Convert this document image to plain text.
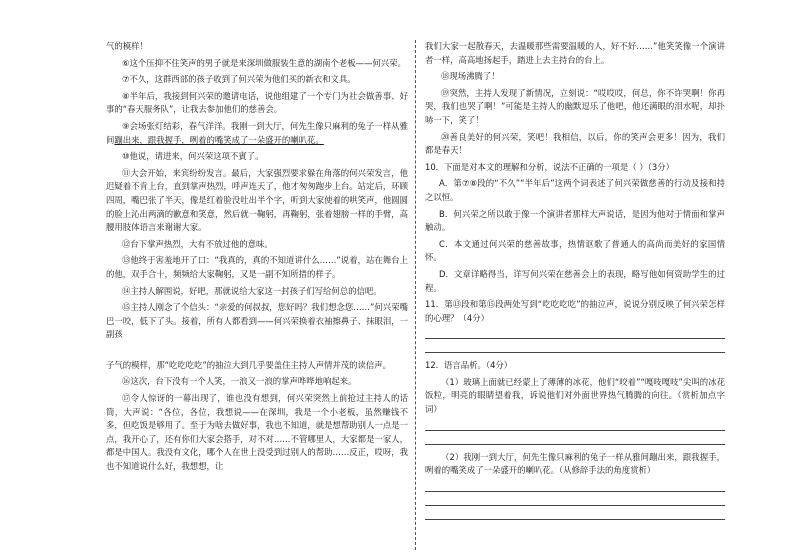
气的模样！

⑥这个压抑不住笑声的男子就是来深圳做服装生意的湖南个老板——何兴荣。

⑦不久，这群西部的孩子收到了何兴荣为他们买的新衣和文具。

⑧半年后，我接到何兴荣的邀请电话，说他组建了一个专门为社会做善事、好事的“春天服务队”，让我去参加他们的慈善会。

⑨会场张灯结彩，春气洋洋。我刚一到大厅，何先生像只麻利的兔子一样从雅间蹦出来，跟我握手，咧着的嘴笑成了一朵盛开的喇叭花。

⑩他说，请进来，何兴荣这项不賓了。

⑪大会开始，来宾纷纷发言。最后，大家强烈要求躲在角落的何兴荣发言，他迟疑着不肯上台，直到掌声热烈，呼声连天了，他才匆匆跑步上台。站定后，环顾四周，嘴巴张了半天，像是红着脸没吐出半个字，听到大家使着的哄笑声，他圆圆的脸上沁出两滴的歉意和笑意，然后就一鞠躬，再鞠躬，张着翅膀一样的手臂，高腰用肢体语言来谢谢大家。

⑫台下掌声热烈，大有不放过他的意味。

⑬他终于害羞地开了口：“我真的，真的不知道讲什么……”说着，站在舞台上的他，双手合十，频频给大家鞠躬，又是一副不知所措的样子。

⑭主持人解围说，好吧，那就说给大家这一封孩子们写给何总的信吧。

⑮主持人刚念了个信头：“亲爱的何叔叔，您好吗？我们想念您……”何兴荣嘴巴一咬，低下了头。接着，所有人都看到——何兴荣换着衣袖擦鼻子、抹眼泪，一副孩

子气的模样，那“吃吃吃吃”的抽泣大到几乎要盖住主持人声情并茂的读信声。

⑯这次，台下没有一个人笑，一浪又一浪的掌声哗哗地响起来。

⑰令人惊讶的一幕出现了，谁也没有想到，何兴荣突然上前抢过主持人的话筒，大声说：“各位，各位，我想说——在深圳，我是一个小老板，虽然赚钱不多，但吃饭是够用了。至于为啥去做好事，我也不知道，就是想帮助别人一点是一点，我开心了，还有你们大家会搭手，对不对……不管哪里人，大家都是一家人，都是中国人。我没有文化，哪个人在世上没受到过别人的帮助……反正，哎呀，我也不知道说什么好，我想想，让

我们大家一起散春天，去温暖那些需要温暖的人，好不好……”他笑笑像一个演讲者一样，高高地扬起手，踏进上去主持台的台上。

⑱现场沸腾了！

⑲突然，主持人发现了新情况，立刻说：“哎哎哎，何总，你不许哭啊！你再哭，我们也哭了啊！”可能是主持人的幽默逗乐了他吧，他还满眼的泪水呢，却扑哧一下，笑了！

⑳善良美好的何兴荣，笑吧！我相信，以后，你的笑声会更多！因为，我们都是春天！

10．下面是对本文的理解和分析，说法不正确的一项是（ ）（3分）

A．第⑦⑧段的“不久”“半年后”这两个词表述了何兴荣做慈善的行动及接和持之以恒。

B．何兴荣之所以敢于像一个演讲者那样大声说话，是因为他对于情面和掌声触动。

C．本文通过何兴荣的慈善故事，热情讴歌了普通人的高尚而美好的家国情怀。

D．文章详略得当，详写何兴荣在慈善会上的表现，略写他如何资助学生的过程。

11．第⑬段和第⑮段两处写到“吃吃吃吃”的抽泣声，说说分别反映了何兴荣怎样的心理？（4分）

12．语言品析。（4分）

（1）玻璃上面就已经蒙上了薄薄的冰花，他们“咬着”“嘎吱嘎吱”尖叫的冰花饭粒，明亮的眼睛望着我，诉说他们对外面世界热气腾腾的向往。（赏析加点字词）

（2）我刚一到大厅，何先生像只麻利的兔子一样从雅间蹦出来，跟我握手，咧着的嘴笑成了一朵盛开的喇叭花。（从修辞手法的角度赏析）
